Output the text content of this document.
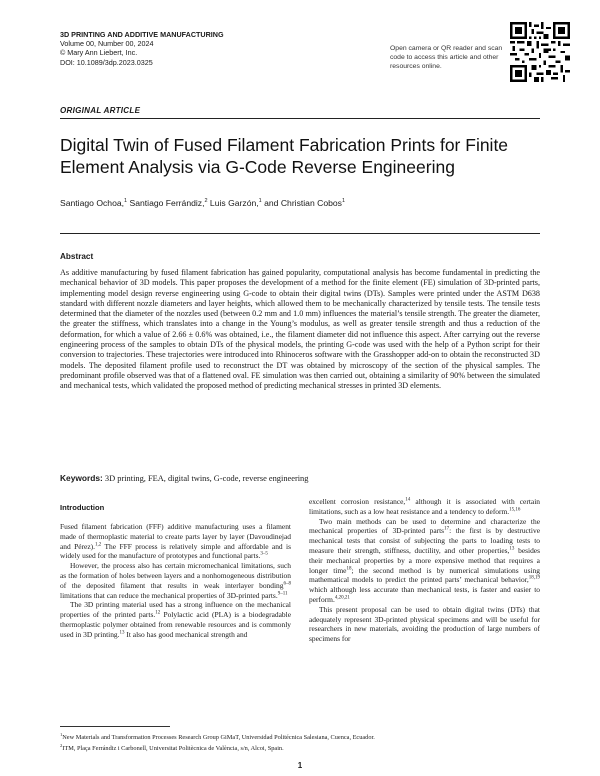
3D PRINTING AND ADDITIVE MANUFACTURING
Volume 00, Number 00, 2024
© Mary Ann Liebert, Inc.
DOI: 10.1089/3dp.2023.0325
Open camera or QR reader and scan code to access this article and other resources online.
ORIGINAL ARTICLE
Digital Twin of Fused Filament Fabrication Prints for Finite Element Analysis via G-Code Reverse Engineering
Santiago Ochoa,$^1$ Santiago Ferrándiz,$^2$ Luis Garzón,$^1$ and Christian Cobos$^1$
Abstract
As additive manufacturing by fused filament fabrication has gained popularity, computational analysis has become fundamental in predicting the mechanical behavior of 3D models. This paper proposes the development of a method for the finite element (FE) simulation of 3D-printed parts, implementing model design reverse engineering using G-code to obtain their digital twins (DTs). Samples were printed under the ASTM D638 standard with different nozzle diameters and layer heights, which allowed them to be mechanically characterized by tensile tests. The tensile tests determined that the diameter of the nozzles used (between 0.2 mm and 1.0 mm) influences the material’s tensile strength. The greater the diameter, the greater the stiffness, which translates into a change in the Young’s modulus, as well as greater tensile strength and thus a reduction of the deformation, for which a value of 2.66 ± 0.6% was obtained, i.e., the filament diameter did not influence this aspect. After carrying out the reverse engineering process of the samples to obtain DTs of the physical models, the printing G-code was used with the help of a Python script for their conversion to trajectories. These trajectories were introduced into Rhinoceros software with the Grasshopper add-on to obtain the reconstructed 3D models. The deposited filament profile used to reconstruct the DT was obtained by microscopy of the section of the physical samples. The predominant profile observed was that of a flattened oval. FE simulation was then carried out, obtaining a similarity of 90% between the simulated and mechanical tests, which validated the proposed method of predicting mechanical stresses in printed 3D elements.
Keywords: 3D printing, FEA, digital twins, G-code, reverse engineering
Introduction

Fused filament fabrication (FFF) additive manufacturing uses a filament made of thermoplastic material to create parts layer by layer (Davoudinejad and Pérez).$^{1,2}$ The FFF process is relatively simple and affordable and is widely used for the manufacture of prototypes and functional parts.$^{3-5}$

However, the process also has certain micromechanical limitations, such as the formation of holes between layers and a nonhomogeneous distribution of the deposited filament that results in weak interlayer bonding$^{6-8}$ limitations that can reduce the mechanical properties of 3D-printed parts.$^{9-11}$

The 3D printing material used has a strong influence on the mechanical properties of the printed parts.$^{12}$ Polylactic acid (PLA) is a biodegradable thermoplastic polymer obtained from renewable resources and is commonly used in 3D printing.$^{13}$ It also has good mechanical strength and

excellent corrosion resistance,$^{14}$ although it is associated with certain limitations, such as a low heat resistance and a tendency to deform.$^{15,16}$

Two main methods can be used to determine and characterize the mechanical properties of 3D-printed parts$^{17}$: the first is by destructive mechanical tests that consist of subjecting the parts to loading tests to measure their strength, stiffness, ductility, and other properties,$^{13}$ besides their mechanical properties by a more expensive method that requires a longer time$^{18}$; the second method is by numerical simulations using mathematical models to predict the printed parts’ mechanical behavior,$^{18,19}$ which although less accurate than mechanical tests, is faster and easier to perform.$^{4,20,21}$

This present proposal can be used to obtain digital twins (DTs) that adequately represent 3D-printed physical specimens and will be useful for researchers in new materials, avoiding the production of large numbers of specimens for

$^1$New Materials and Transformation Processes Research Group GiMaT, Universidad Politécnica Salesiana, Cuenca, Ecuador.
$^2$ITM, Plaça Ferrándiz i Carbonell, Universitat Politècnica de València, s/n, Alcoi, Spain.
1
